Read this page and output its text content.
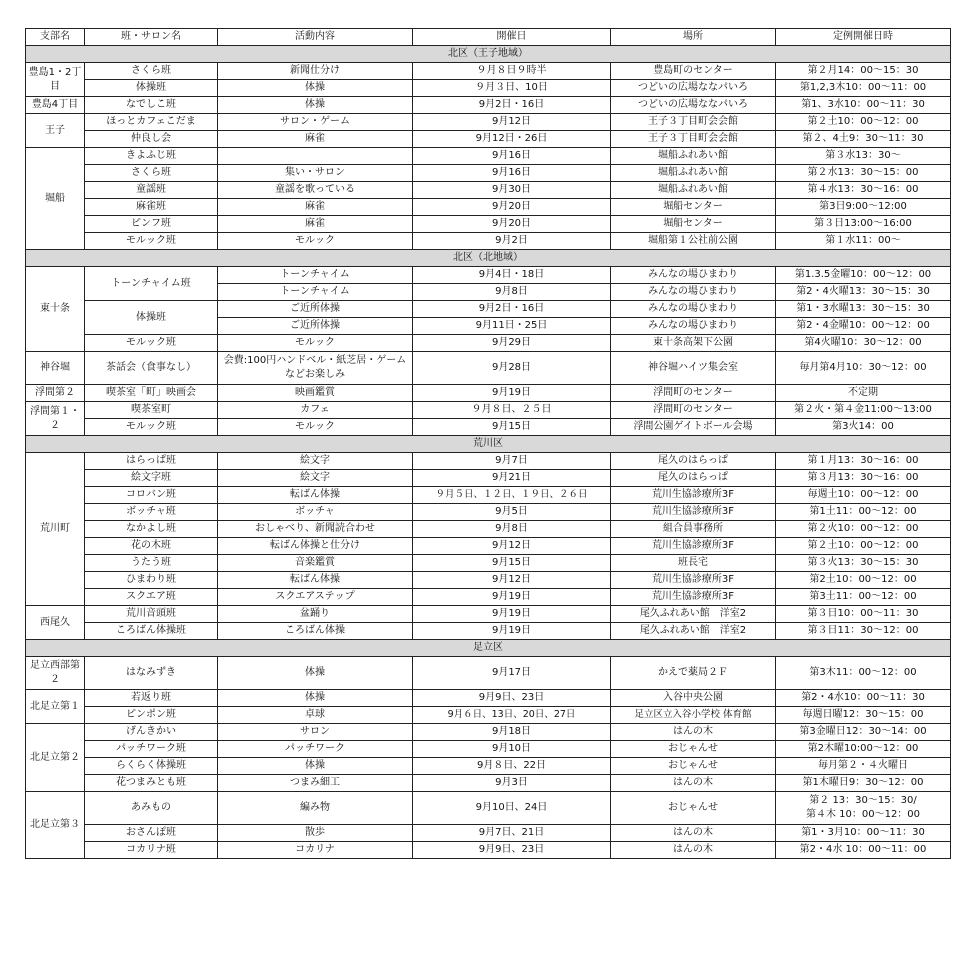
支部名	班・サロン名	活動内容	開催日	場所	定例開催日時
北区（王子地域）					
豊島1・2丁目	さくら班	新聞仕分け	９月８日９時半	豊島町のセンター	第２月14：00～15：30
	体操班	体操	９月３日、10日	つどいの広場ななパいろ	第1,2,3木10：00～11：00
豊島4丁目	なでしこ班	体操	9月2日・16日	つどいの広場ななパいろ	第1、3水10：00～11：30
王子	ほっとカフェこだま	サロン・ゲーム	9月12日	王子３丁目町会会館	第２土10：00～12：00
	仲良し会	麻雀	9月12日・26日	王子３丁目町会会館	第２、4土9：30～11：30
堀船	きよふじ班		9月16日	堀船ふれあい館	第３水13：30～
	さくら班	集い・サロン	9月16日	堀船ふれあい館	第２水13：30～15：00
	童謡班	童謡を歌っている	9月30日	堀船ふれあい館	第４水13：30～16：00
	麻雀班	麻雀	9月20日	堀船センター	第3日9:00～12:00
	ピンフ班	麻雀	9月20日	堀船センター	第３日13:00～16:00
	モルック班	モルック	9月2日	堀船第１公社前公園	第１水11：00～
北区（北地域）					
東十条	トーンチャイム班	トーンチャイム	9月4日・18日	みんなの場ひまわり	第1.3.5金曜10：00～12：00
		トーンチャイム	9月8日	みんなの場ひまわり	第2・4火曜13：30～15：30
	体操班	ご近所体操	9月2日・16日	みんなの場ひまわり	第1・3水曜13：30～15：30
		ご近所体操	9月11日・25日	みんなの場ひまわり	第2・4金曜10：00～12：00
	モルック班	モルック	9月29日	東十条高架下公園	第4火曜10：30～12：00
神谷堀	茶話会（食事なし）	会費:100円ハンドベル・紙芝居・ゲームなどお楽しみ	9月28日	神谷堀ハイツ集会室	毎月第4月10：30～12：00
浮間第２	喫茶室「町」映画会	映画鑑賞	9月19日	浮間町のセンター	不定期
浮間第１・２	喫茶室町	カフェ	９月８日、２５日	浮間町のセンター	第２火・第４金11:00～13:00
	モルック班	モルック	9月15日	浮間公園ゲイトボール会場	第3火14：00
荒川区					
荒川町	はらっぱ班	絵文字	9月7日	尾久のはらっぱ	第１月13：30～16：00
	絵文字班	絵文字	9月21日	尾久のはらっぱ	第３月13：30～16：00
	コロバン班	転ばん体操	９月５日、１２日、１９日、２６日	荒川生協診療所3F	毎週土10：00～12：00
	ボッチャ班	ボッチャ	9月5日	荒川生協診療所3F	第1土11：00～12：00
	なかよし班	おしゃべり、新聞読合わせ	9月8日	組合員事務所	第２火10：00～12：00
	花の木班	転ばん体操と仕分け	9月12日	荒川生協診療所3F	第２土10：00～12：00
	うたう班	音楽鑑賞	9月15日	班長宅	第３火13：30～15：30
	ひまわり班	転ばん体操	9月12日	荒川生協診療所3F	第2土10：00～12：00
	スクエア班	スクエアステップ	9月19日	荒川生協診療所3F	第3土11：00～12：00
西尾久	荒川音頭班	盆踊り	9月19日	尾久ふれあい館　洋室2	第３日10：00～11：30
	ころばん体操班	ころばん体操	9月19日	尾久ふれあい館　洋室2	第３日11：30～12：00
足立区					
足立西部第２	はなみずき	体操	9月17日	かえで薬局２Ｆ	第3木11：00～12：00
北足立第１	若返り班	体操	9月9日、23日	入谷中央公園	第2・4水10：00～11：30
	ピンポン班	卓球	9月６日、13日、20日、27日	足立区立入谷小学校 体育館	毎週日曜12：30～15：00
北足立第２	げんきかい	サロン	9月18日	はんの木	第3金曜日12：30～14：00
	パッチワーク班	パッチワーク	9月10日	おじゃんせ	第2木曜10:00～12：00
	らくらく体操班	体操	9月８日、22日	おじゃんせ	毎月第２・４火曜日
	花つまみとも班	つまみ細工	9月3日	はんの木	第1木曜日9：30～12：00
北足立第３	あみもの	編み物	9月10日、24日	おじゃんせ	第２ 13：30～15：30/
第４木 10：00～12：00

	おさんぽ班	散歩	9月7日、21日	はんの木	第1・3月10：00～11：30
	コカリナ班	コカリナ	9月9日、23日	はんの木	第2・4水 10：00～11：00
